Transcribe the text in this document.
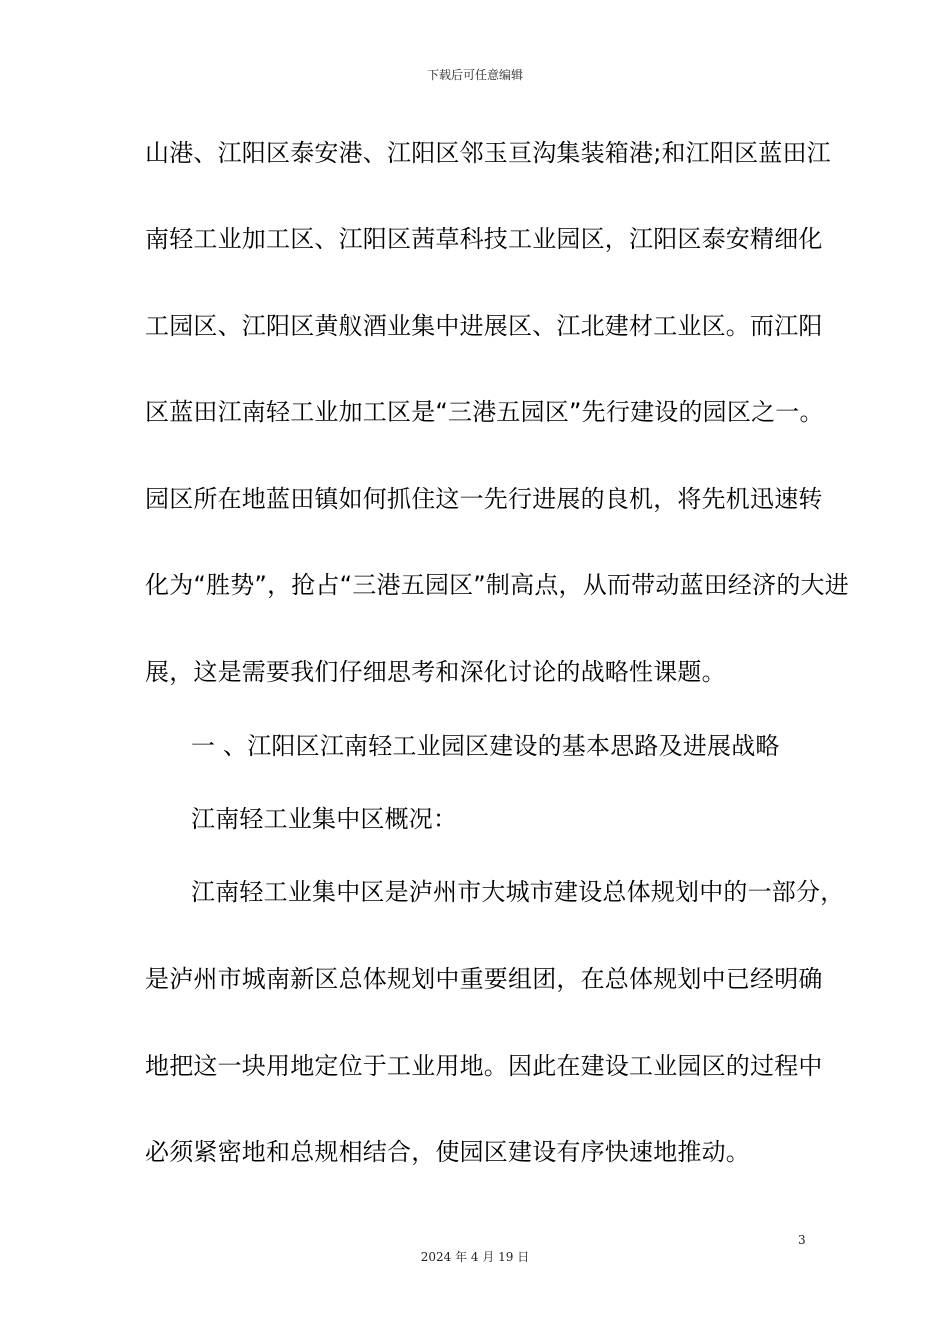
下载后可任意编辑
山港、江阳区泰安港、江阳区邻玉亘沟集装箱港;和江阳区蓝田江
南轻工业加工区、江阳区茜草科技工业园区，江阳区泰安精细化
工园区、江阳区黄舣酒业集中进展区、江北建材工业区。而江阳
区蓝田江南轻工业加工区是“三港五园区”先行建设的园区之一。
园区所在地蓝田镇如何抓住这一先行进展的良机，将先机迅速转
化为“胜势”，抢占“三港五园区”制高点，从而带动蓝田经济的大进
展，这是需要我们仔细思考和深化讨论的战略性课题。
一 、江阳区江南轻工业园区建设的基本思路及进展战略
江南轻工业集中区概况：
江南轻工业集中区是泸州市大城市建设总体规划中的一部分，
是泸州市城南新区总体规划中重要组团，在总体规划中已经明确
地把这一块用地定位于工业用地。因此在建设工业园区的过程中
必须紧密地和总规相结合，使园区建设有序快速地推动。
3
2024 年 4 月 19 日
